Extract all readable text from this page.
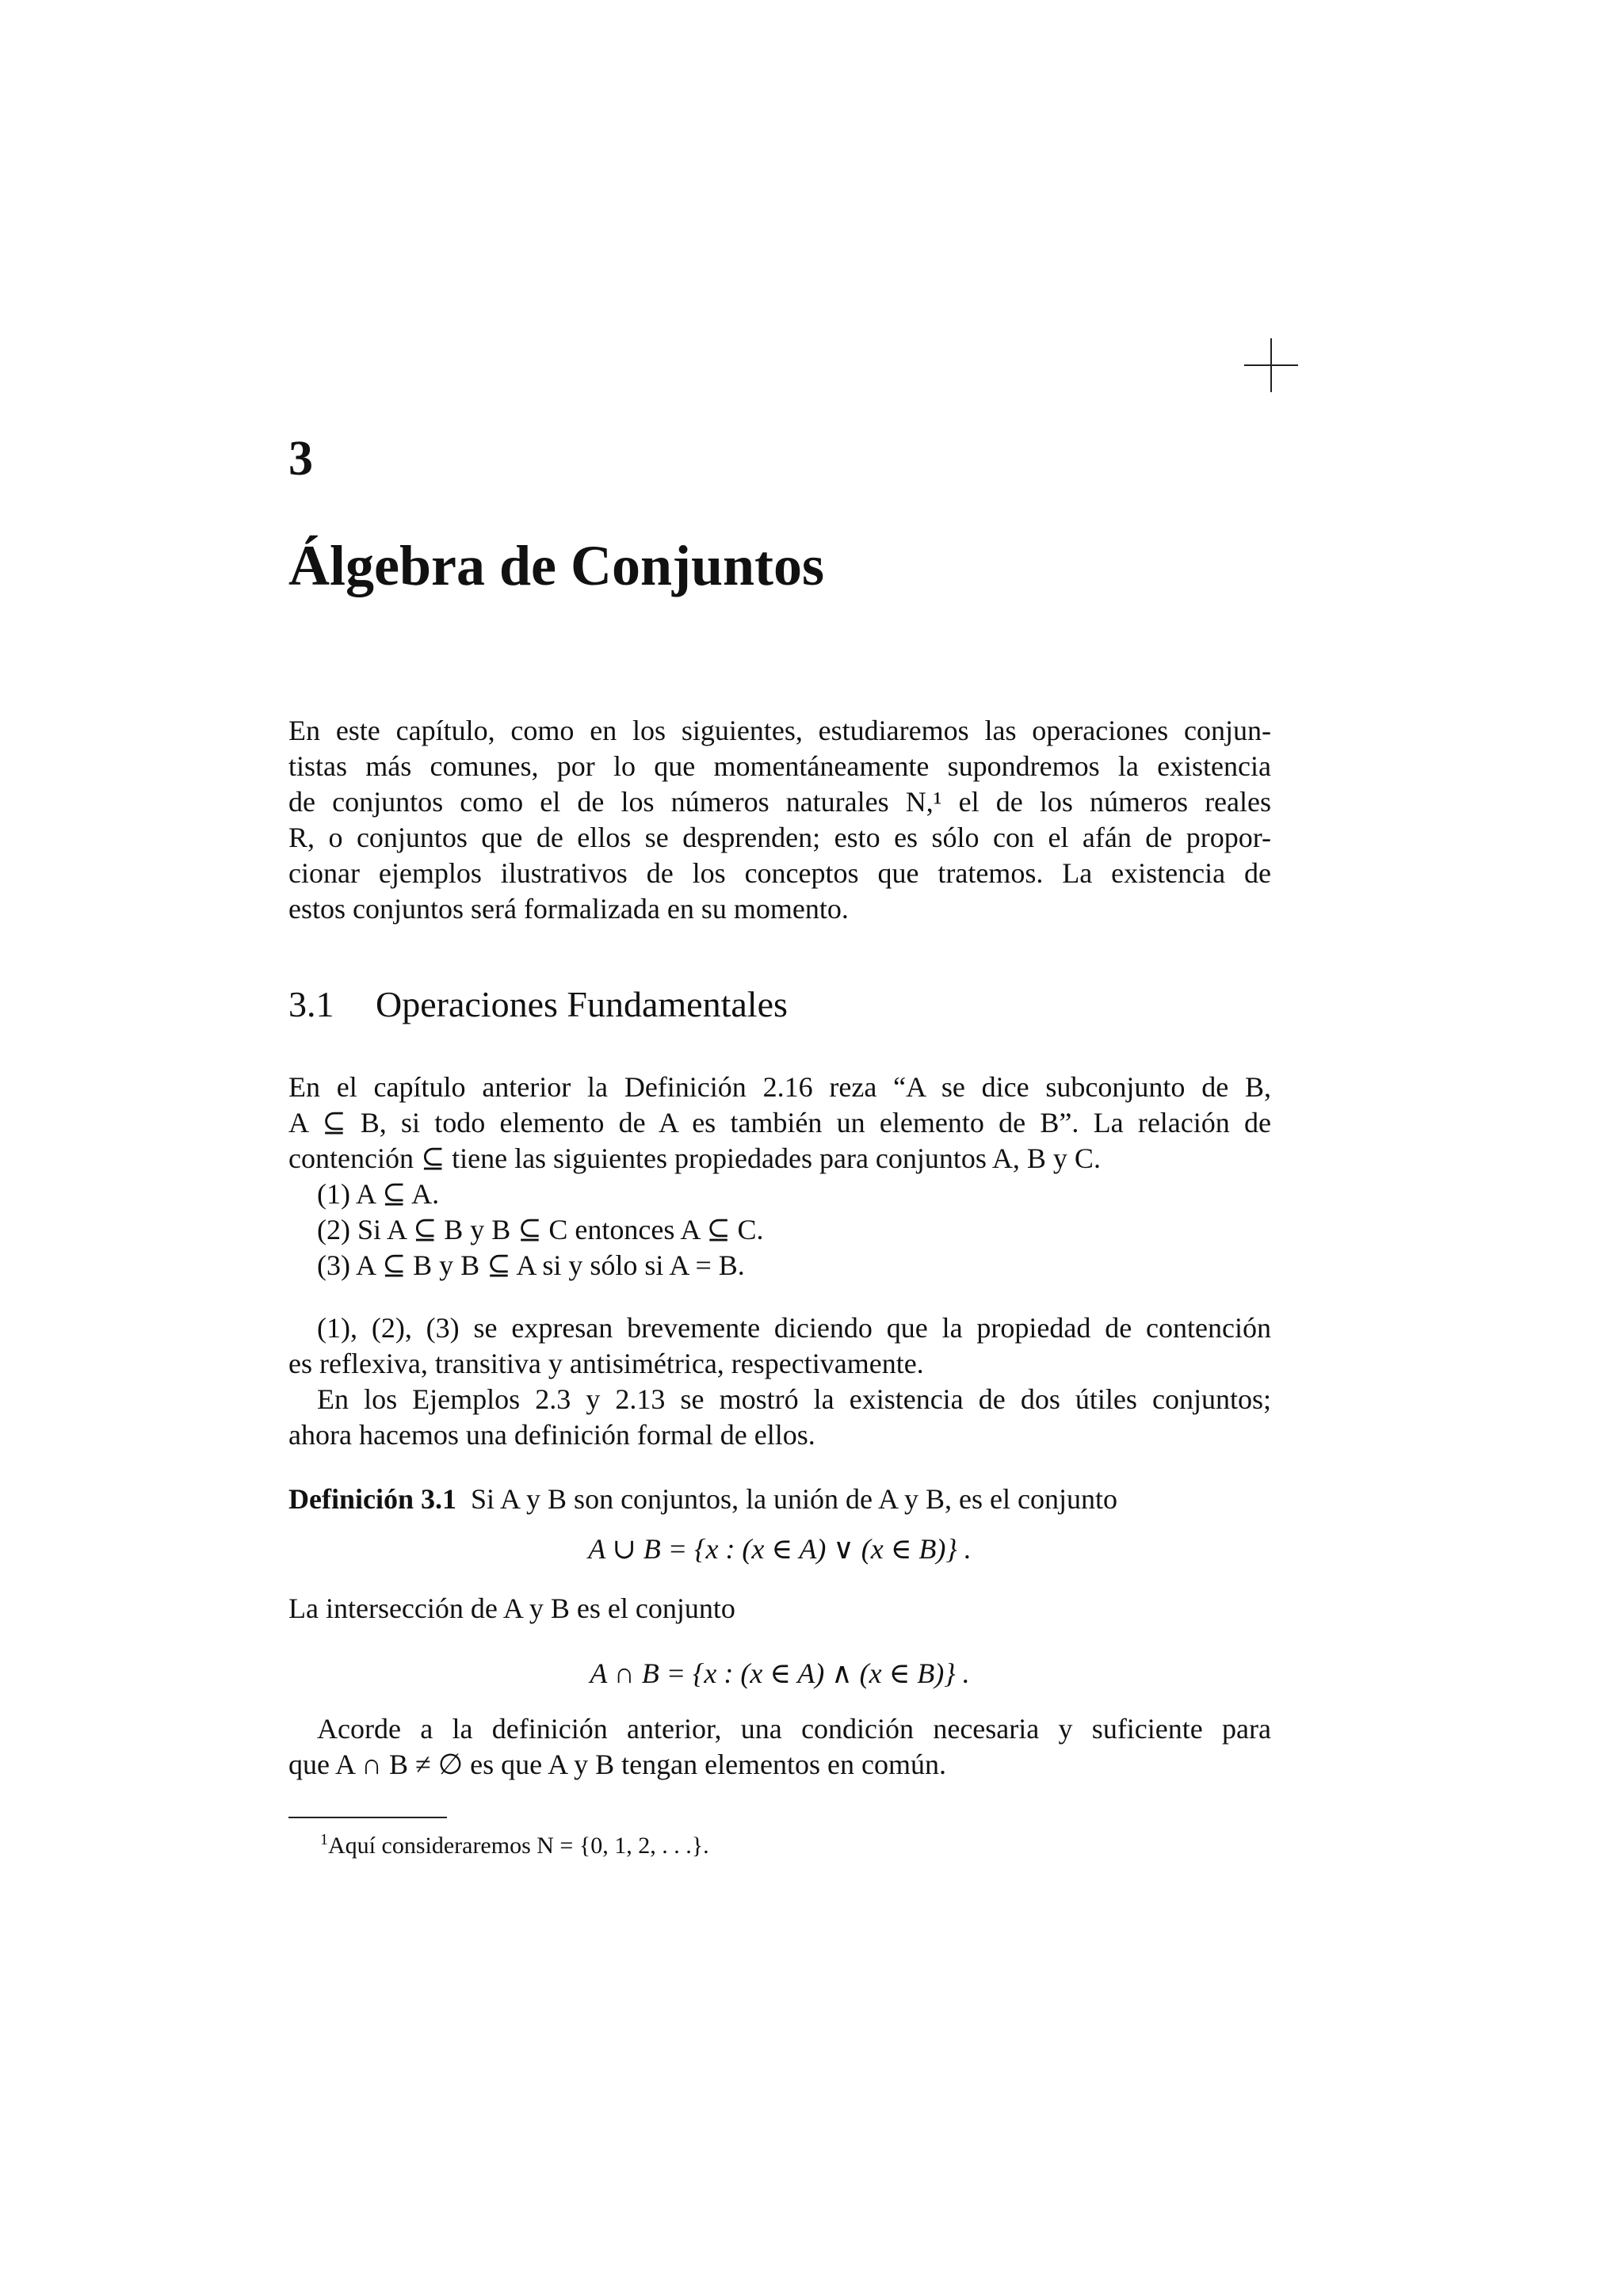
3
Álgebra de Conjuntos
En este capítulo, como en los siguientes, estudiaremos las operaciones conjun-
tistas más comunes, por lo que momentáneamente supondremos la existencia
de conjuntos como el de los números naturales N,¹ el de los números reales
R, o conjuntos que de ellos se desprenden; esto es sólo con el afán de propor-
cionar ejemplos ilustrativos de los conceptos que tratemos. La existencia de
estos conjuntos será formalizada en su momento.
3.1 Operaciones Fundamentales
En el capítulo anterior la Definición 2.16 reza “A se dice subconjunto de B,
A ⊆ B, si todo elemento de A es también un elemento de B”. La relación de
contención ⊆ tiene las siguientes propiedades para conjuntos A, B y C.
(1) A ⊆ A.
(2) Si A ⊆ B y B ⊆ C entonces A ⊆ C.
(3) A ⊆ B y B ⊆ A si y sólo si A = B.
(1), (2), (3) se expresan brevemente diciendo que la propiedad de contención
es reflexiva, transitiva y antisimétrica, respectivamente.
En los Ejemplos 2.3 y 2.13 se mostró la existencia de dos útiles conjuntos;
ahora hacemos una definición formal de ellos.
Definición 3.1 Si A y B son conjuntos, la unión de A y B, es el conjunto
A ∪ B = {x : (x ∈ A) ∨ (x ∈ B)} .
La intersección de A y B es el conjunto
A ∩ B = {x : (x ∈ A) ∧ (x ∈ B)} .
Acorde a la definición anterior, una condición necesaria y suficiente para
que A ∩ B ≠ ∅ es que A y B tengan elementos en común.
$^1$Aquí consideraremos N = {0, 1, 2, . . .}.
